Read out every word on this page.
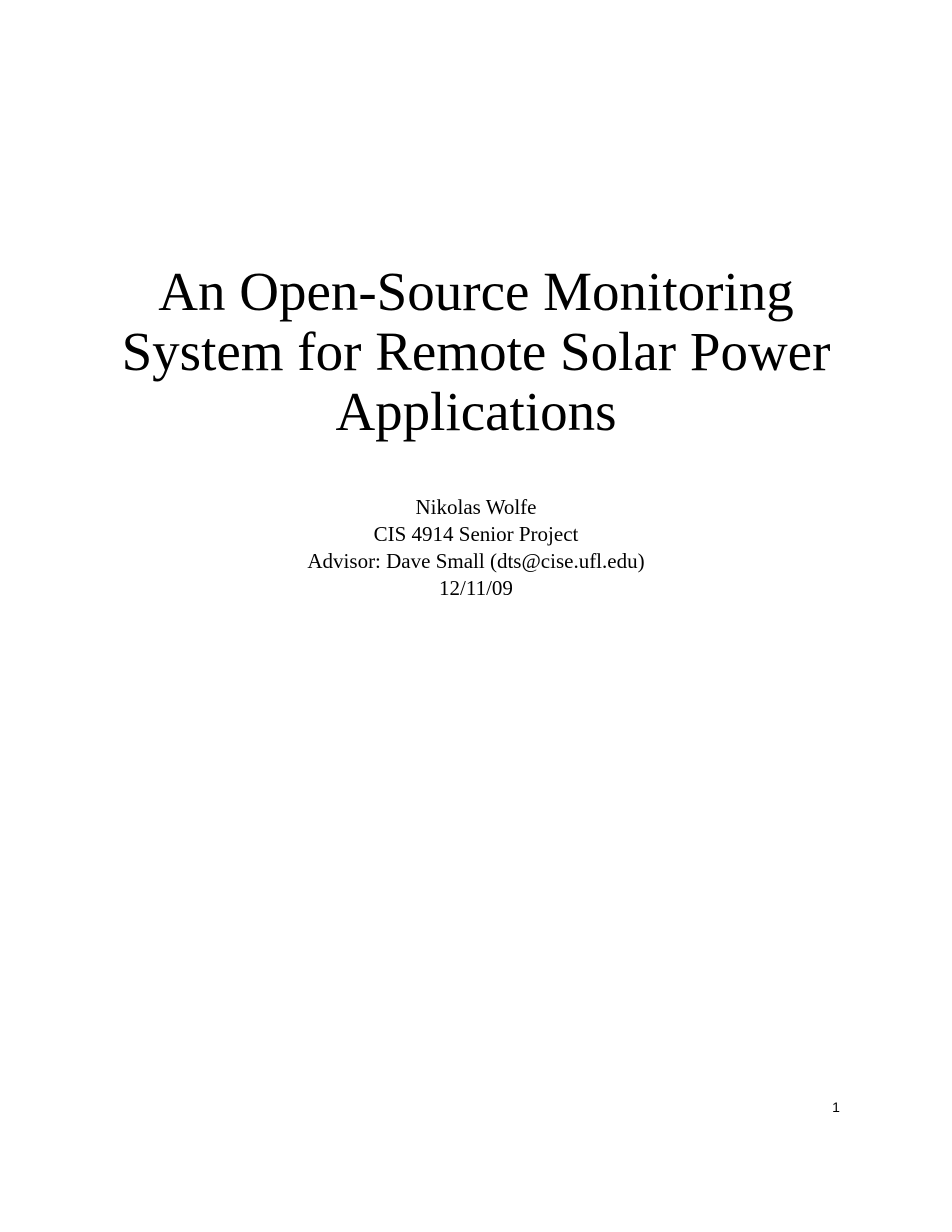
An Open-Source Monitoring
System for Remote Solar Power
Applications
Nikolas Wolfe
CIS 4914 Senior Project
Advisor: Dave Small (dts@cise.ufl.edu)
12/11/09
1
